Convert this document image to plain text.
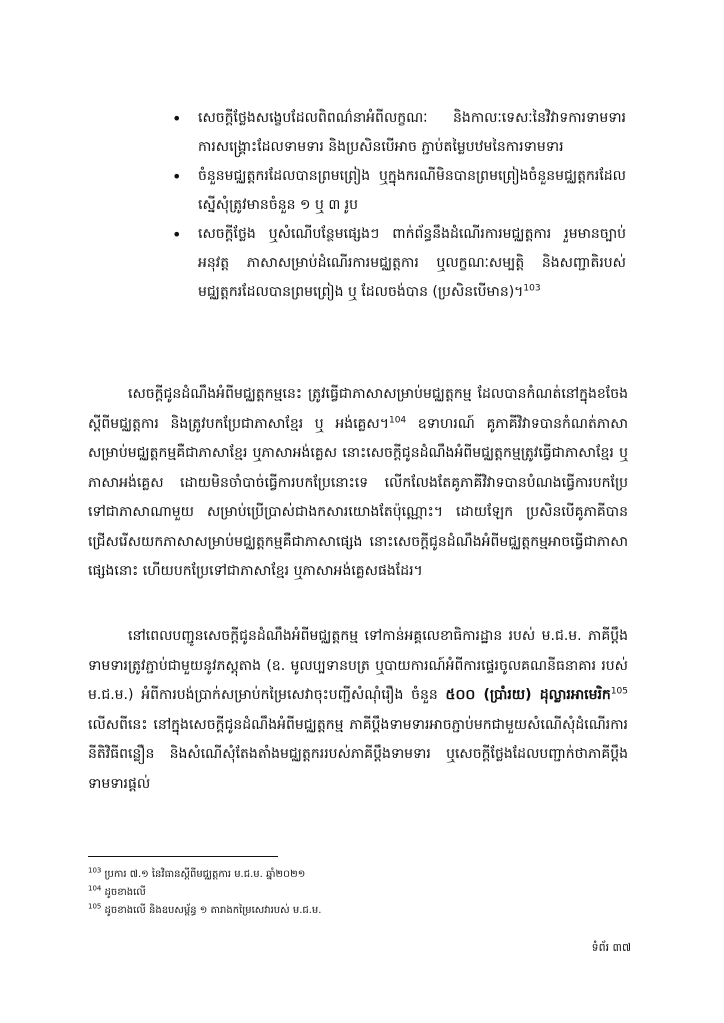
• សេចក្ដីថ្លែងសង្ខេបដែលពិពណ៌នាអំពីលក្ខណៈ និងកាលៈទេសៈនៃវិវាទការទាមទារ ការសង្គ្រោះដែលទាមទារ និងប្រសិនបើអាច ភ្ជាប់តម្លៃបឋមនៃការទាមទារ
• ចំនួនមជ្ឈត្តករដែលបានព្រមព្រៀង ឬក្នុងករណីមិនបានព្រមព្រៀងចំនួនមជ្ឈត្តករដែលស្នើសុំត្រូវមានចំនួន ១ ឬ ៣ រូប
• សេចក្ដីថ្លែង ឬសំណើបន្ថែមផ្សេងៗ ពាក់ព័ន្ធនឹងដំណើរការមជ្ឈត្តការ រួមមានច្បាប់អនុវត្ត ភាសាសម្រាប់ដំណើរការមជ្ឈត្តការ ឬលក្ខណៈសម្បត្តិ និងសញ្ជាតិរបស់មជ្ឈត្តករដែលបានព្រមព្រៀង ឬ ដែលចង់បាន (ប្រសិនបើមាន)។$^{103}$

សេចក្ដីជូនដំណឹងអំពីមជ្ឈត្តកម្មនេះ ត្រូវធ្វើជាភាសាសម្រាប់មជ្ឈត្តកម្ម ដែលបានកំណត់នៅក្នុងខចែងស្ដីពីមជ្ឈត្តការ និងត្រូវបកប្រែជាភាសាខ្មែរ ឬ អង់គ្លេស។$^{104}$ ឧទាហរណ៍ គូភាគីវិវាទបានកំណត់ភាសាសម្រាប់មជ្ឈត្តកម្មគឺជាភាសាខ្មែរ ឬភាសាអង់គ្លេស នោះសេចក្ដីជូនដំណឹងអំពីមជ្ឈត្តកម្មត្រូវធ្វើជាភាសាខ្មែរ ឬភាសាអង់គ្លេស ដោយមិនចាំបាច់ធ្វើការបកប្រែនោះទេ លើកលែងតែគូភាគីវិវាទបានបំណងធ្វើការបកប្រែទៅជាភាសាណាមួយ សម្រាប់ប្រើប្រាស់ជាងកសារយោងតែប៉ុណ្ណោះ។ ដោយឡែក ប្រសិនបើគូភាគីបានជ្រើសរើសយកភាសាសម្រាប់មជ្ឈត្តកម្មគឺជាភាសាផ្សេង នោះសេចក្ដីជូនដំណឹងអំពីមជ្ឈត្តកម្មអាចធ្វើជាភាសាផ្សេងនោះ ហើយបកប្រែទៅជាភាសាខ្មែរ ឬភាសាអង់គ្លេសផងដែរ។

នៅពេលបញ្ជូនសេចក្ដីជូនដំណឹងអំពីមជ្ឈត្តកម្ម ទៅកាន់អគ្គលេខាធិការដ្ឋាន របស់ ម.ជ.ម. ភាគីប្ដឹងទាមទារត្រូវភ្ជាប់ជាមួយនូវភស្តុតាង (ឧ. មូលប្បទានបត្រ ឬបាយការណ៍អំពីការផ្ទេរចូលគណនីធនាគារ របស់ ម.ជ.ម.) អំពីការបង់ប្រាក់សម្រាប់កម្រៃសេវាចុះបញ្ជីសំណុំរឿង ចំនួន ៥០០ (ប្រាំរយ) ដុល្លារអាមេរិក$^{105}$ លើសពីនេះ នៅក្នុងសេចក្ដីជូនដំណឹងអំពីមជ្ឈត្តកម្ម ភាគីប្ដឹងទាមទារអាចភ្ជាប់មកជាមួយសំណើសុំដំណើរការនីតិវិធីពន្លឿន និងសំណើសុំតែងតាំងមជ្ឈត្តកររបស់ភាគីប្ដឹងទាមទារ ឬសេចក្ដីថ្លែងដែលបញ្ជាក់ថាភាគីប្ដឹងទាមទារផ្ដល់

$^{103}$ ប្រការ ៧.១ នៃវិធានស្ដីពីមជ្ឈត្តការ ម.ជ.ម. ឆ្នាំ២០២១
$^{104}$ ដូចខាងលើ
$^{105}$ ដូចខាងលើ និងឧបសម្ព័ន្ធ ១ តារាងកម្រៃសេវារបស់ ម.ជ.ម.
ទំព័រ ៣៧
